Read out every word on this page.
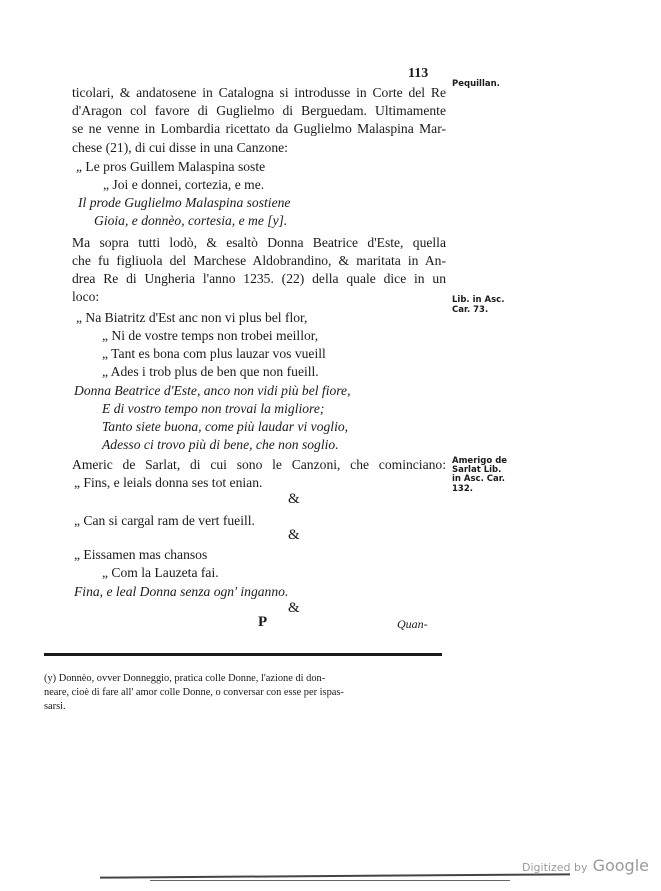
113
Pequillan.
ticolari, & andatosene in Catalogna si introdusse in Corte del Re
d'Aragon col favore di Guglielmo di Berguedam. Ultimamente
se ne venne in Lombardia ricettato da Guglielmo Malaspina Mar-
chese (21), di cui disse in una Canzone:
„ Le pros Guillem Malaspina soste
„ Joi e donnei, cortezia, e me.
Il prode Guglielmo Malaspina sostiene
Gioia, e donnèo, cortesia, e me [y].
Ma sopra tutti lodò, & esaltò Donna Beatrice d'Este, quella
che fu figliuola del Marchese Aldobrandino, & maritata in An-
drea Re di Ungheria l'anno 1235. (22) della quale dice in un
loco:	Lib. in Asc.
Car. 73.
„ Na Biatritz d'Est anc non vi plus bel flor,
„ Ni de vostre temps non trobei meillor,
„ Tant es bona com plus lauzar vos vueill
„ Ades i trob plus de ben que non fueill.
Donna Beatrice d'Este, anco non vidi più bel fiore,
E di vostro tempo non trovai la migliore;
Tanto siete buona, come più laudar vi voglio,
Adesso ci trovo più di bene, che non soglio.
Americ de Sarlat, di cui sono le Canzoni, che cominciano:
„ Fins, e leials donna ses tot enian.
Amerigo de
Sarlat Lib.
in Asc. Car.
132.
&
„ Can si cargal ram de vert fueill.
&
„ Eissamen mas chansos
„ Com la Lauzeta fai.
Fina, e leal Donna senza ogn' inganno.
&
P	Quan-
(y) Donnèo, ovver Donneggio, pratica colle Donne, l'azione di don-
neare, cioè di fare all' amor colle Donne, o conversar con esse per ispas-
sarsi.
Digitized by Google
